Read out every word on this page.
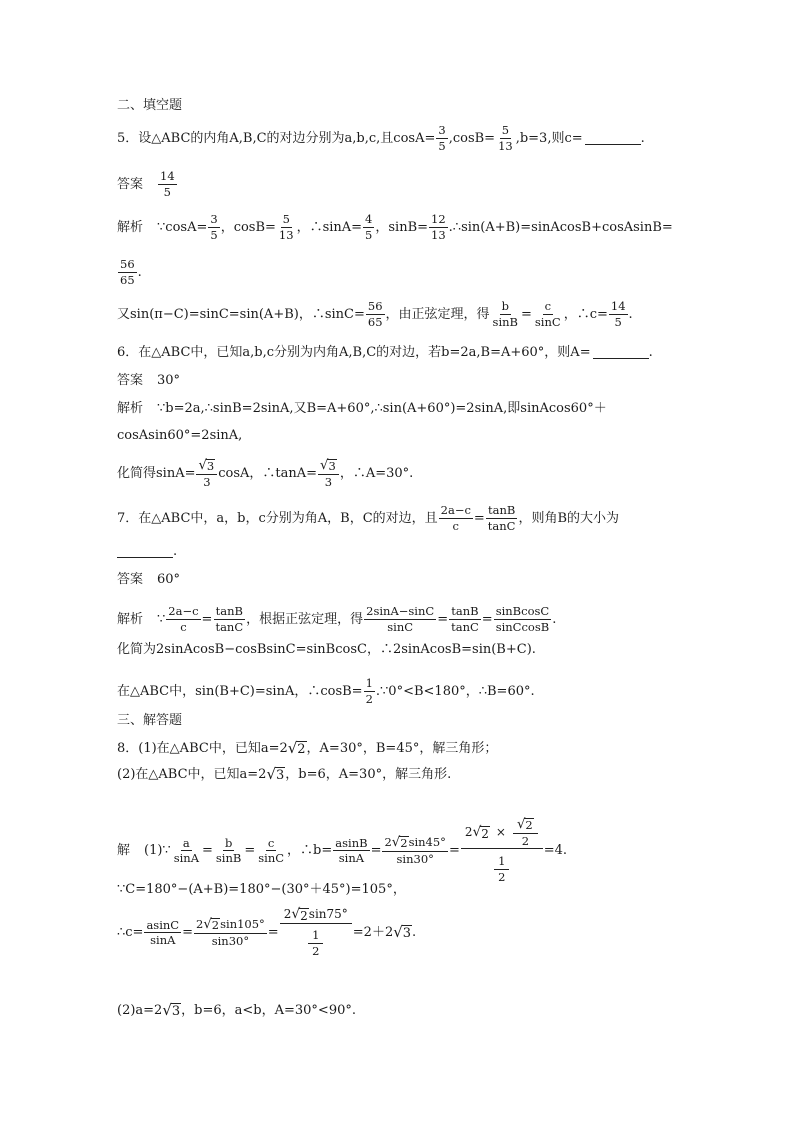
二、填空题
5．设△ABC的内角A,B,C的对边分别为a,b,c,且$\cos A= \frac{3}{5} ,\cos B= \frac{5}{13} ,b=3$,则c=	.
答案 $\frac{14}{5}$
解析 ∵cosA= $\frac{3}{5}$ ，$\cos B= \frac{5}{13}$ ，∴sinA= $\frac{4}{5}$ ，$\sin B= \frac{12}{13}$ .∴sin(A+B)=sinAcosB+cosAsinB=
$\frac{56}{65}$ .
又sin(π−C)=sinC=sin(A+B)，∴sinC= $\frac{56}{65}$ ，由正弦定理，得 $\frac{b}{\sin B} = \frac{c}{\sin C}$ ，∴c= $\frac{14}{5}$ .
6．在△ABC中，已知a,b,c分别为内角A,B,C的对边，若b=2a,B=A+60°，则A=	.
答案 30°
解析 ∵b=2a,∴sinB=2sinA,又B=A+60°,∴sin(A+60°)=2sinA,即sinAcos60°＋
cosAsin60°=2sinA,
化简得$\sin A= \frac{√ 3}{3}$ cosA，∴tanA= $\frac{√ 3}{3}$ ，∴A=30°.
7．在△ABC中，a，b，c分别为角A，B，C的对边，且 $\frac{2a-c}{c} = \frac{\tan B}{\tan C}$ ，则角B的大小为
.
答案 60°
解析 ∵ $\frac{2a-c}{c} = \frac{\tan B}{\tan C}$ ，根据正弦定理，得 $\frac{2\sin A-\sin C}{\sin C} = \frac{\tan B}{\tan C} = \frac{\text{sinBcosC}}{\text{sinCcosB}}$ .
化简为2sinAcosB−cosBsinC=sinBcosC，∴2sinAcosB=sin(B+C).
在△ABC中，sin(B+C)=sinA，∴cosB= $\frac{1}{2}$ .∵0°<B<180°，∴B=60°.
三、解答题
8．(1)在△ABC中，已知a=2 √ 2 ，A=30°，B=45°，解三角形；
(2)在△ABC中，已知a=2 √ 3 ，b=6，A=30°，解三角形.
解 (1)∵ $\frac{a}{\sin A} = \frac{b}{\sin B} = \frac{c}{\sin C}$ ，∴b= $\frac{asinB}{\sin A} = \frac{2 √ 2 \sin 45^\circ}{\sin 30^\circ} = \frac{2 √ 2 \times \frac{√ 2}{2}}{\frac{1}{2}} =4$.
∵C=180°−(A+B)=180°−(30°＋45°)=105°，
∴c= $\frac{asinC}{\sin A} = \frac{2 √ 2 \sin 105^\circ}{\sin 30^\circ} = \frac{2 √ 2 \sin 75^\circ}{\frac{1}{2}} =2+2$ √ 3 .
(2)a=2 √ 3 ，b=6，a<b，A=30°<90°.
